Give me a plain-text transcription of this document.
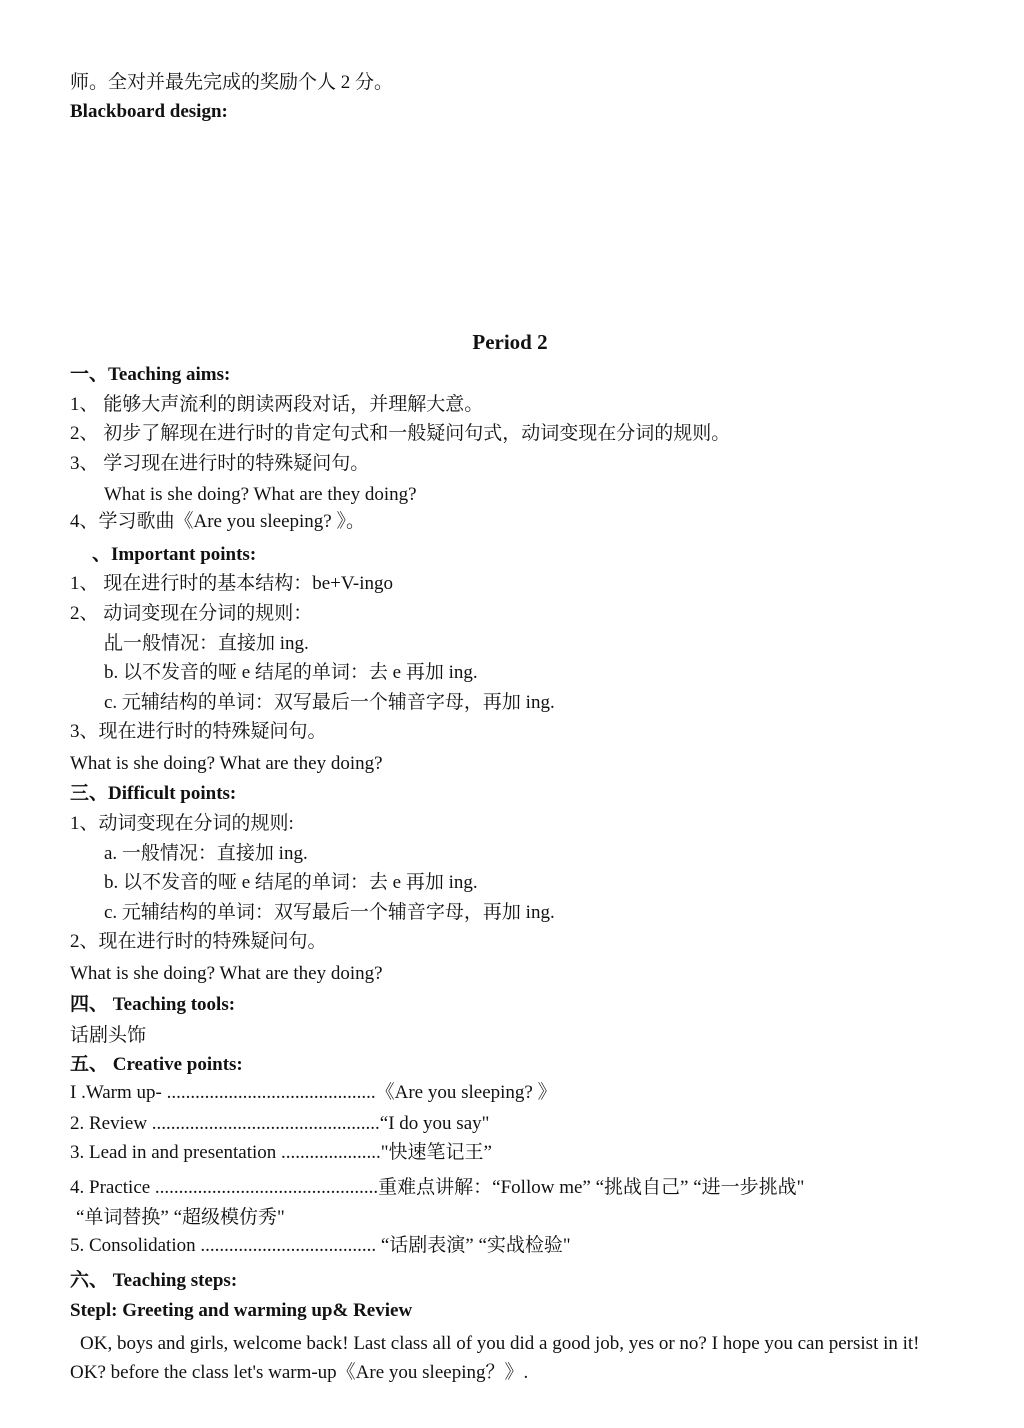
师。全对并最先完成的奖励个人 2 分。
Blackboard design:
Period 2
一、Teaching aims:
1、 能够大声流利的朗读两段对话，并理解大意。
2、 初步了解现在进行时的肯定句式和一般疑问句式，动词变现在分词的规则。
3、 学习现在进行时的特殊疑问句。
What is she doing? What are they doing?
4、学习歌曲《Are you sleeping? 》。
、Important points:
1、 现在进行时的基本结构：be+V-ingo
2、 动词变现在分词的规则：
乩一般情况：直接加 ing.
b. 以不发音的哑 e 结尾的单词：去 e 再加 ing.
c. 元辅结构的单词：双写最后一个辅音字母，再加 ing.
3、现在进行时的特殊疑问句。
What is she doing? What are they doing?
三、Difficult points:
1、动词变现在分词的规则:
a. 一般情况：直接加 ing.
b. 以不发音的哑 e 结尾的单词：去 e 再加 ing.
c. 元辅结构的单词：双写最后一个辅音字母，再加 ing.
2、现在进行时的特殊疑问句。
What is she doing? What are they doing?
四、 Teaching tools:
话剧头饰
五、 Creative points:
I .Warm up- ............................................《Are you sleeping? 》
2. Review ................................................“I do you say"
3. Lead in and presentation ....................."快速笔记王”
4. Practice ...............................................重难点讲解：“Follow me” “挑战自己” “进一步挑战"
“单词替换” “超级模仿秀"
5. Consolidation ..................................... “话剧表演” “实战检验"
六、 Teaching steps:
Stepl: Greeting and warming up& Review
OK, boys and girls, welcome back! Last class all of you did a good job, yes or no? I hope you can persist in it! OK? before the class let's warm-up《Are you sleeping？》.
